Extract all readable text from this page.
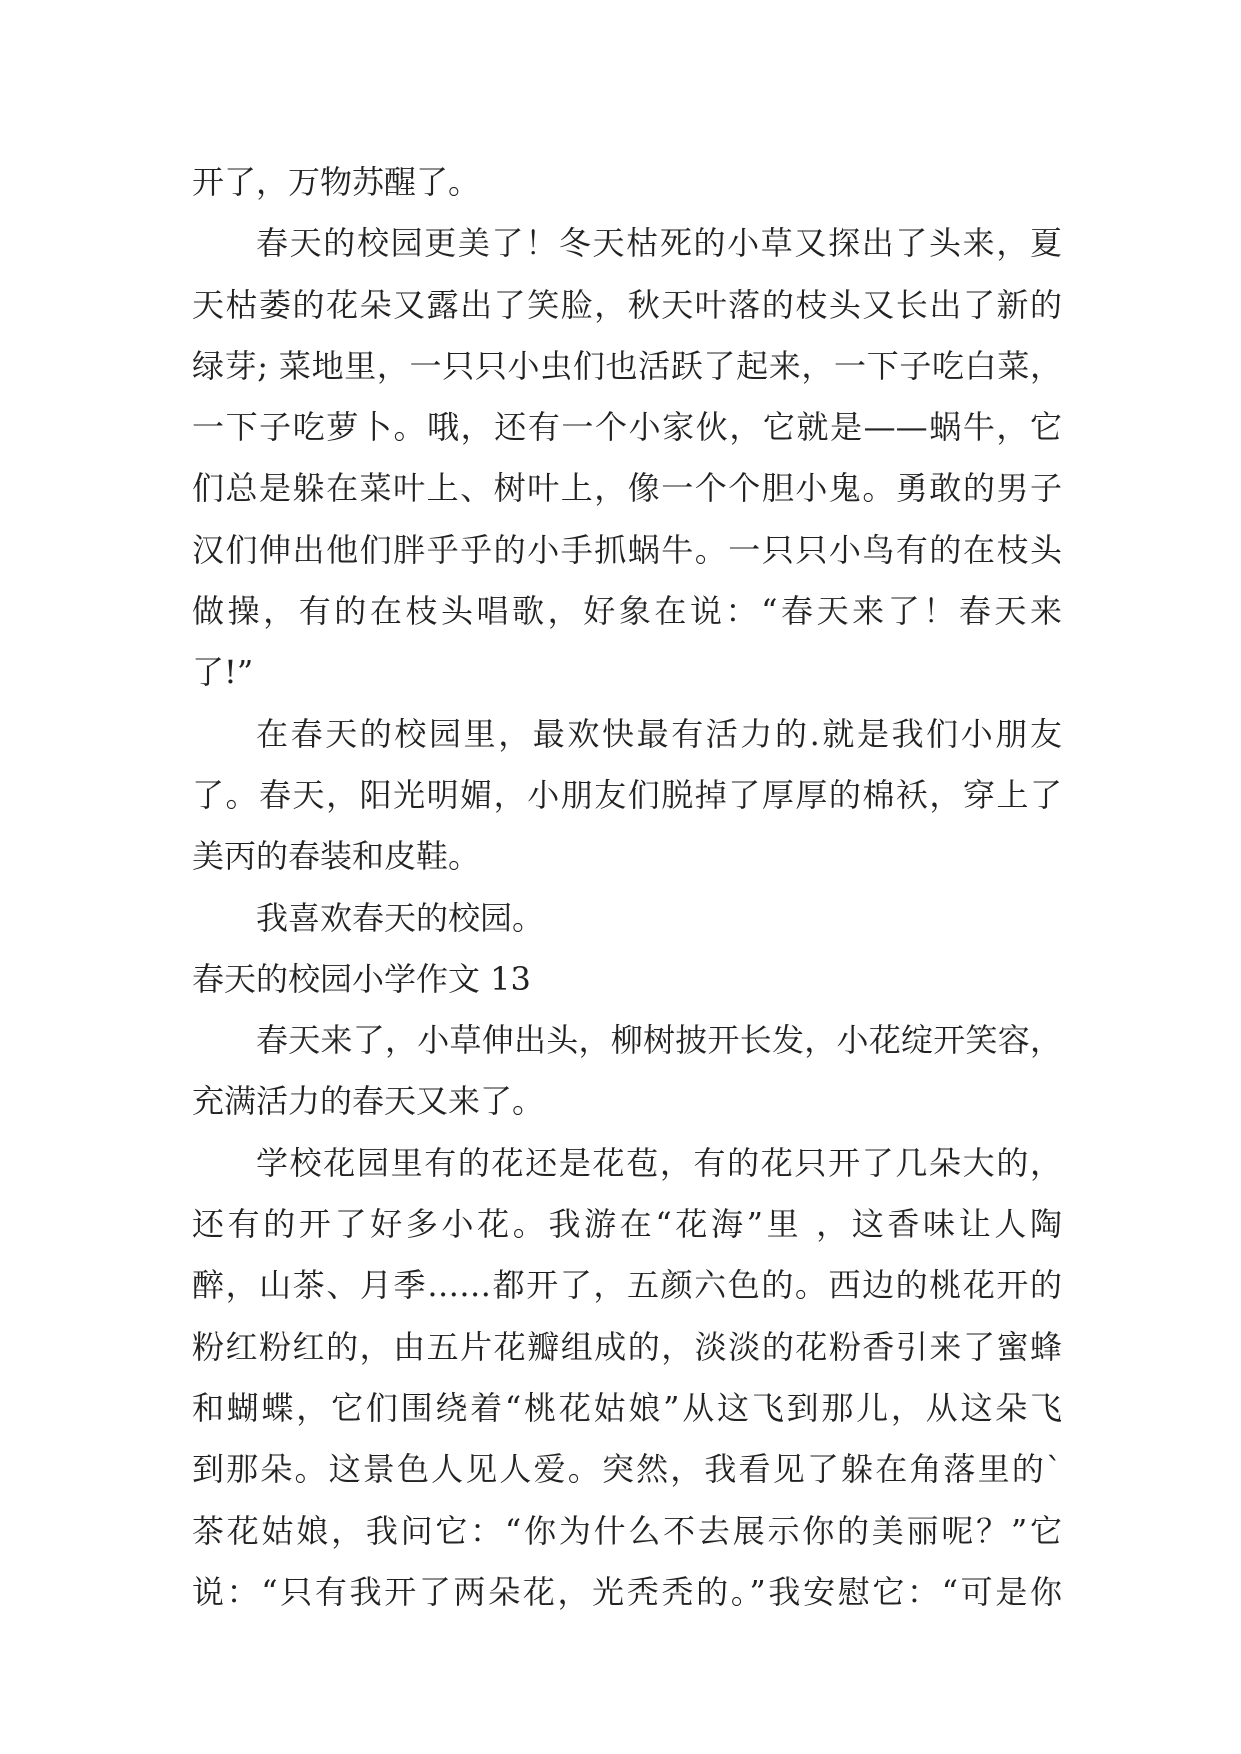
开了，万物苏醒了。
春天的校园更美了！冬天枯死的小草又探出了头来，夏
天枯萎的花朵又露出了笑脸，秋天叶落的枝头又长出了新的
绿芽; 菜地里，一只只小虫们也活跃了起来，一下子吃白菜，
一下子吃萝卜。哦，还有一个小家伙，它就是——蜗牛，它
们总是躲在菜叶上、树叶上，像一个个胆小鬼。勇敢的男子
汉们伸出他们胖乎乎的小手抓蜗牛。一只只小鸟有的在枝头
做操，有的在枝头唱歌，好象在说：“春天来了！春天来
了!”
在春天的校园里，最欢快最有活力的.就是我们小朋友
了。春天，阳光明媚，小朋友们脱掉了厚厚的棉袄，穿上了
美丙的春装和皮鞋。
我喜欢春天的校园。
春天的校园小学作文 13
春天来了，小草伸出头，柳树披开长发，小花绽开笑容，
充满活力的春天又来了。
学校花园里有的花还是花苞，有的花只开了几朵大的，
还有的开了好多小花。我游在“花海”里 ，这香味让人陶
醉，山茶、月季……都开了，五颜六色的。西边的桃花开的
粉红粉红的，由五片花瓣组成的，淡淡的花粉香引来了蜜蜂
和蝴蝶，它们围绕着“桃花姑娘”从这飞到那儿，从这朵飞
到那朵。这景色人见人爱。突然，我看见了躲在角落里的`
茶花姑娘，我问它：“你为什么不去展示你的美丽呢？”它
说：“只有我开了两朵花，光秃秃的。”我安慰它：“可是你
